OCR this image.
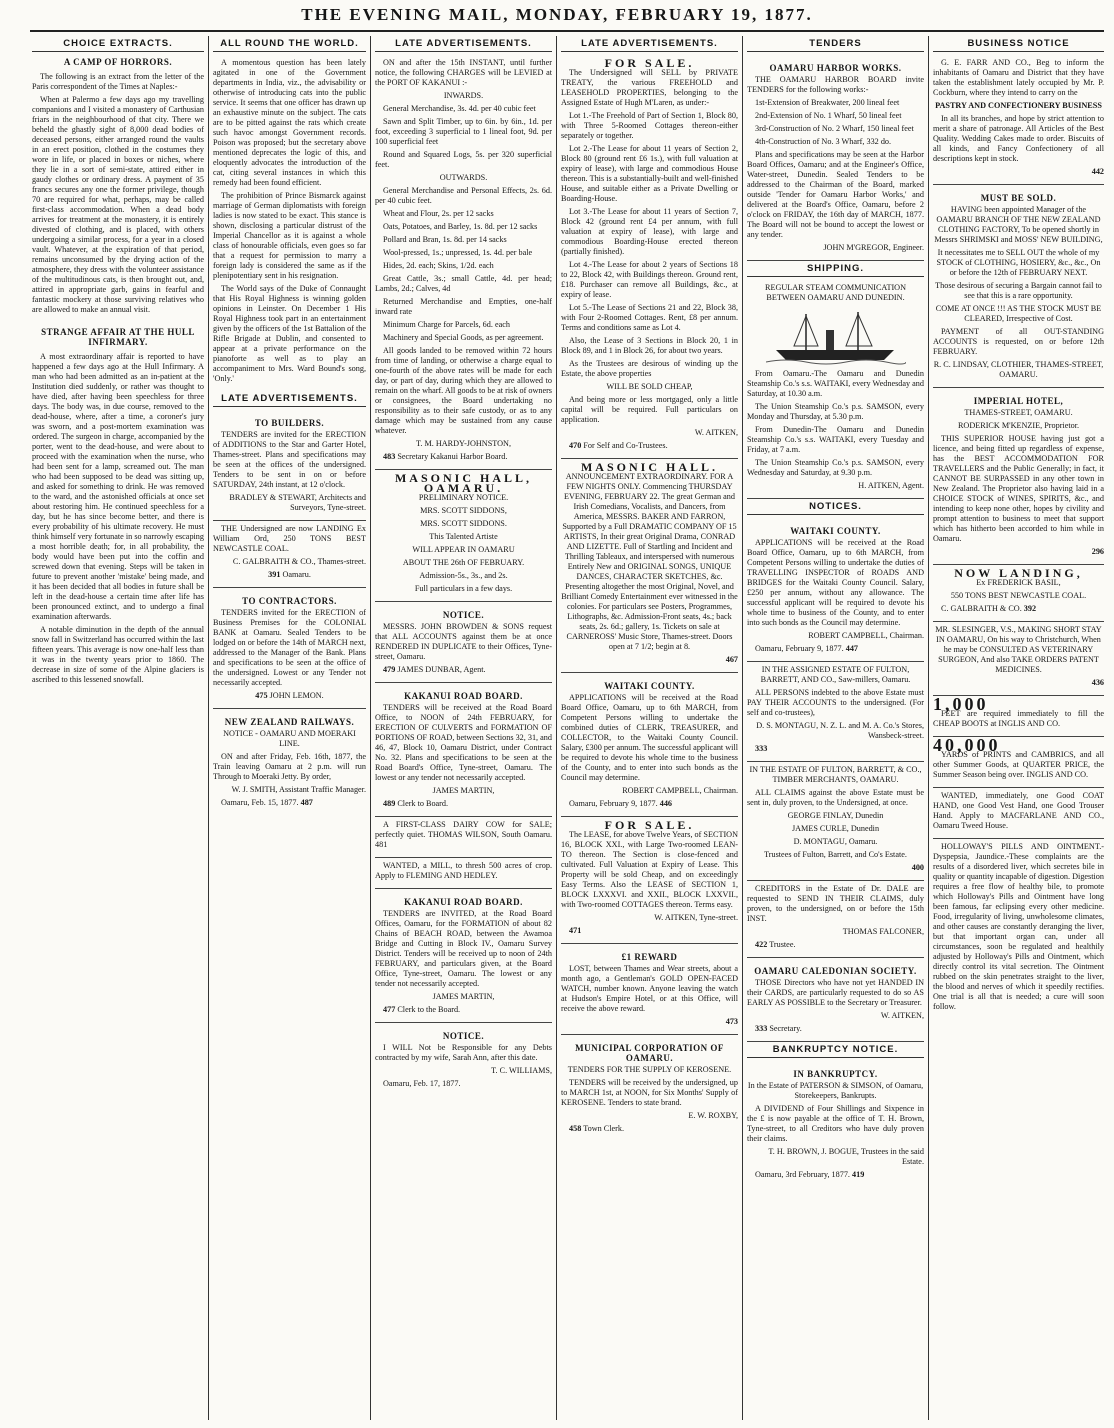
THE EVENING MAIL, MONDAY, FEBRUARY 19, 1877.
CHOICE EXTRACTS.
A CAMP OF HORRORS.

The following is an extract from the letter of the Paris correspondent of the Times at Naples:-

When at Palermo a few days ago my travelling companions and I visited a monastery of Carthusian friars in the neighbourhood of that city. There we beheld the ghastly sight of 8,000 dead bodies of deceased persons, either arranged round the vaults in an erect position, clothed in the costumes they wore in life, or placed in boxes or niches, where they lie in a sort of semi-state, attired either in gaudy clothes or ordinary dress. A payment of 35 francs secures any one the former privilege, though 70 are required for what, perhaps, may be called first-class accommodation. When a dead body arrives for treatment at the monastery, it is entirely divested of clothing, and is placed, with others undergoing a similar process, for a year in a closed vault. Whatever, at the expiration of that period, remains unconsumed by the drying action of the atmosphere, they dress with the volunteer assistance of the multitudinous cats, is then brought out, and, attired in appropriate garb, gains in fearful and fantastic mockery at those surviving relatives who are allowed to make an annual visit.

STRANGE AFFAIR AT THE HULL INFIRMARY.

A most extraordinary affair is reported to have happened a few days ago at the Hull Infirmary. A man who had been admitted as an in-patient at the Institution died suddenly, or rather was thought to have died, after having been speechless for three days. The body was, in due course, removed to the dead-house, where, after a time, a coroner's jury was sworn, and a post-mortem examination was ordered. The surgeon in charge, accompanied by the porter, went to the dead-house, and were about to proceed with the examination when the nurse, who had been sent for a lamp, screamed out. The man who had been supposed to be dead was sitting up, and asked for something to drink. He was removed to the ward, and the astonished officials at once set about restoring him. He continued speechless for a day, but he has since become better, and there is every probability of his ultimate recovery. He must think himself very fortunate in so narrowly escaping a most horrible death; for, in all probability, the body would have been put into the coffin and screwed down that evening. Steps will be taken in future to prevent another 'mistake' being made, and it has been decided that all bodies in future shall be left in the dead-house a certain time after life has been pronounced extinct, and to undergo a final examination afterwards.

A notable diminution in the depth of the annual snow fall in Switzerland has occurred within the last fifteen years. This average is now one-half less than it was in the twenty years prior to 1860. The decrease in size of some of the Alpine glaciers is ascribed to this lessened snowfall.

ALL ROUND THE WORLD.

A momentous question has been lately agitated in one of the Government departments in India, viz., the advisability or otherwise of introducing cats into the public service. It seems that one officer has drawn up an exhaustive minute on the subject. The cats are to be pitted against the rats which create such havoc amongst Government records. Poison was proposed; but the secretary above mentioned deprecates the logic of this, and eloquently advocates the introduction of the cat, citing several instances in which this remedy had been found efficient.

The prohibition of Prince Bismarck against marriage of German diplomatists with foreign ladies is now stated to be exact. This stance is shown, disclosing a particular distrust of the Imperial Chancellor as it is against a whole class of honourable officials, even goes so far that a request for permission to marry a foreign lady is considered the same as if the plenipotentiary sent in his resignation.

The World says of the Duke of Connaught that His Royal Highness is winning golden opinions in Leinster. On December 1 His Royal Highness took part in an entertainment given by the officers of the 1st Battalion of the Rifle Brigade at Dublin, and consented to appear at a private performance on the pianoforte as well as to play an accompaniment to Mrs. Ward Bound's song, 'Only.'

LATE ADVERTISEMENTS.
TO BUILDERS.

TENDERS are invited for the ERECTION of ADDITIONS to the Star and Garter Hotel, Thames-street. Plans and specifications may be seen at the offices of the undersigned. Tenders to be sent in on or before SATURDAY, 24th instant, at 12 o'clock.

BRADLEY & STEWART, Architects and Surveyors, Tyne-street.

THE Undersigned are now LANDING Ex William Ord, 250 TONS BEST NEWCASTLE COAL.

C. GALBRAITH & CO., Thames-street.

391 Oamaru.

TO CONTRACTORS.

TENDERS invited for the ERECTION of Business Premises for the COLONIAL BANK at Oamaru. Sealed Tenders to be lodged on or before the 14th of MARCH next, addressed to the Manager of the Bank. Plans and specifications to be seen at the office of the undersigned. Lowest or any Tender not necessarily accepted.

475 JOHN LEMON.

NEW ZEALAND RAILWAYS.

NOTICE - OAMARU AND MOERAKI LINE.

ON and after Friday, Feb. 16th, 1877, the Train leaving Oamaru at 2 p.m. will run Through to Moeraki Jetty. By order,

W. J. SMITH, Assistant Traffic Manager.

Oamaru, Feb. 15, 1877. 487

LATE ADVERTISEMENTS.

ON and after the 15th INSTANT, until further notice, the following CHARGES will be LEVIED at the PORT OF KAKANUI :-

INWARDS.

General Merchandise, 3s. 4d. per 40 cubic feet

Sawn and Split Timber, up to 6in. by 6in., 1d. per foot, exceeding 3 superficial to 1 lineal foot, 9d. per 100 superficial feet

Round and Squared Logs, 5s. per 320 superficial feet.

OUTWARDS.

General Merchandise and Personal Effects, 2s. 6d. per 40 cubic feet.

Wheat and Flour, 2s. per 12 sacks

Oats, Potatoes, and Barley, 1s. 8d. per 12 sacks

Pollard and Bran, 1s. 8d. per 14 sacks

Wool-pressed, 1s.; unpressed, 1s. 4d. per bale

Hides, 2d. each; Skins, 1/2d. each

Great Cattle, 3s.; small Cattle, 4d. per head; Lambs, 2d.; Calves, 4d

Returned Merchandise and Empties, one-half inward rate

Minimum Charge for Parcels, 6d. each

Machinery and Special Goods, as per agreement.

All goods landed to be removed within 72 hours from time of landing, or otherwise a charge equal to one-fourth of the above rates will be made for each day, or part of day, during which they are allowed to remain on the wharf. All goods to be at risk of owners or consignees, the Board undertaking no responsibility as to their safe custody, or as to any damage which may be sustained from any cause whatever.

T. M. HARDY-JOHNSTON,

483 Secretary Kakanui Harbor Board.

MASONIC HALL, OAMARU.

PRELIMINARY NOTICE.

MRS. SCOTT SIDDONS,

MRS. SCOTT SIDDONS.

This Talented Artiste

WILL APPEAR IN OAMARU

ABOUT THE 26th OF FEBRUARY.

Admission-5s., 3s., and 2s.

Full particulars in a few days.

NOTICE.

MESSRS. JOHN BROWDEN & SONS request that ALL ACCOUNTS against them be at once RENDERED IN DUPLICATE to their Offices, Tyne-street, Oamaru.

479 JAMES DUNBAR, Agent.

KAKANUI ROAD BOARD.

TENDERS will be received at the Road Board Office, to NOON of 24th FEBRUARY, for ERECTION OF CULVERTS and FORMATION OF PORTIONS OF ROAD, between Sections 32, 31, and 46, 47, Block 10, Oamaru District, under Contract No. 32. Plans and specifications to be seen at the Road Board's Office, Tyne-street, Oamaru. The lowest or any tender not necessarily accepted.

JAMES MARTIN,

489 Clerk to Board.

A FIRST-CLASS DAIRY COW for SALE; perfectly quiet. THOMAS WILSON, South Oamaru. 481

WANTED, a MILL, to thresh 500 acres of crop. Apply to FLEMING AND HEDLEY.

KAKANUI ROAD BOARD.

TENDERS are INVITED, at the Road Board Offices, Oamaru, for the FORMATION of about 82 Chains of BEACH ROAD, between the Awamoa Bridge and Cutting in Block IV., Oamaru Survey District. Tenders will be received up to noon of 24th FEBRUARY, and particulars given, at the Board Office, Tyne-street, Oamaru. The lowest or any tender not necessarily accepted.

JAMES MARTIN,

477 Clerk to the Board.

NOTICE.

I WILL Not be Responsible for any Debts contracted by my wife, Sarah Ann, after this date.

T. C. WILLIAMS,

Oamaru, Feb. 17, 1877.

LATE ADVERTISEMENTS.
FOR SALE.

The Undersigned will SELL by PRIVATE TREATY, the various FREEHOLD and LEASEHOLD PROPERTIES, belonging to the Assigned Estate of Hugh M'Laren, as under:-

Lot 1.-The Freehold of Part of Section 1, Block 80, with Three 5-Roomed Cottages thereon-either separately or together.

Lot 2.-The Lease for about 11 years of Section 2, Block 80 (ground rent £6 1s.), with full valuation at expiry of lease), with large and commodious House thereon. This is a substantially-built and well-finished House, and suitable either as a Private Dwelling or Boarding-House.

Lot 3.-The Lease for about 11 years of Section 7, Block 42 (ground rent £4 per annum, with full valuation at expiry of lease), with large and commodious Boarding-House erected thereon (partially finished).

Lot 4.-The Lease for about 2 years of Sections 18 to 22, Block 42, with Buildings thereon. Ground rent, £18. Purchaser can remove all Buildings, &c., at expiry of lease.

Lot 5.-The Lease of Sections 21 and 22, Block 38, with Four 2-Roomed Cottages. Rent, £8 per annum. Terms and conditions same as Lot 4.

Also, the Lease of 3 Sections in Block 20, 1 in Block 89, and 1 in Block 26, for about two years.

As the Trustees are desirous of winding up the Estate, the above properties

WILL BE SOLD CHEAP,

And being more or less mortgaged, only a little capital will be required. Full particulars on application.

W. AITKEN,

470 For Self and Co-Trustees.

MASONIC HALL.

ANNOUNCEMENT EXTRAORDINARY. FOR A FEW NIGHTS ONLY. Commencing THURSDAY EVENING, FEBRUARY 22. The great German and Irish Comedians, Vocalists, and Dancers, from America, MESSRS. BAKER AND FARRON, Supported by a Full DRAMATIC COMPANY OF 15 ARTISTS, In their great Original Drama, CONRAD AND LIZETTE. Full of Startling and Incident and Thrilling Tableaux, and interspersed with numerous Entirely New and ORIGINAL SONGS, UNIQUE DANCES, CHARACTER SKETCHES, &c. Presenting altogether the most Original, Novel, and Brilliant Comedy Entertainment ever witnessed in the colonies. For particulars see Posters, Programmes, Lithographs, &c. Admission-Front seats, 4s.; back seats, 2s. 6d.; gallery, 1s. Tickets on sale at CARNEROSS' Music Store, Thames-street. Doors open at 7 1/2; begin at 8.

467

WAITAKI COUNTY.

APPLICATIONS will be received at the Road Board Office, Oamaru, up to 6th MARCH, from Competent Persons willing to undertake the combined duties of CLERK, TREASURER, and COLLECTOR, to the Waitaki County Council. Salary, £300 per annum. The successful applicant will be required to devote his whole time to the business of the County, and to enter into such bonds as the Council may determine.

ROBERT CAMPBELL, Chairman.

Oamaru, February 9, 1877. 446

FOR SALE.

The LEASE, for above Twelve Years, of SECTION 16, BLOCK XXI., with Large Two-roomed LEAN-TO thereon. The Section is close-fenced and cultivated. Full Valuation at Expiry of Lease. This Property will be sold Cheap, and on exceedingly Easy Terms. Also the LEASE of SECTION 1, BLOCK LXXXVI. and XXII., BLOCK LXXVII., with Two-roomed COTTAGES thereon. Terms easy.

W. AITKEN, Tyne-street.

471

£1 REWARD

LOST, between Thames and Wear streets, about a month ago, a Gentleman's GOLD OPEN-FACED WATCH, number known. Anyone leaving the watch at Hudson's Empire Hotel, or at this Office, will receive the above reward.

473

MUNICIPAL CORPORATION OF OAMARU.

TENDERS FOR THE SUPPLY OF KEROSENE.

TENDERS will be received by the undersigned, up to MARCH 1st, at NOON, for Six Months' Supply of KEROSENE. Tenders to state brand.

E. W. ROXBY,

458 Town Clerk.

TENDERS
OAMARU HARBOR WORKS.

THE OAMARU HARBOR BOARD invite TENDERS for the following works:-

1st-Extension of Breakwater, 200 lineal feet

2nd-Extension of No. 1 Wharf, 50 lineal feet

3rd-Construction of No. 2 Wharf, 150 lineal feet

4th-Construction of No. 3 Wharf, 332 do.

Plans and specifications may be seen at the Harbor Board Offices, Oamaru; and at the Engineer's Office, Water-street, Dunedin. Sealed Tenders to be addressed to the Chairman of the Board, marked outside 'Tender for Oamaru Harbor Works,' and delivered at the Board's Office, Oamaru, before 2 o'clock on FRIDAY, the 16th day of MARCH, 1877. The Board will not be bound to accept the lowest or any tender.

JOHN M'GREGOR, Engineer.

SHIPPING.

REGULAR STEAM COMMUNICATION BETWEEN OAMARU AND DUNEDIN.

From Oamaru.-The Oamaru and Dunedin Steamship Co.'s s.s. WAITAKI, every Wednesday and Saturday, at 10.30 a.m.

The Union Steamship Co.'s p.s. SAMSON, every Monday and Thursday, at 5.30 p.m.

From Dunedin-The Oamaru and Dunedin Steamship Co.'s s.s. WAITAKI, every Tuesday and Friday, at 7 a.m.

The Union Steamship Co.'s p.s. SAMSON, every Wednesday and Saturday, at 9.30 p.m.

H. AITKEN, Agent.

NOTICES.
WAITAKI COUNTY.

APPLICATIONS will be received at the Road Board Office, Oamaru, up to 6th MARCH, from Competent Persons willing to undertake the duties of TRAVELLING INSPECTOR of ROADS AND BRIDGES for the Waitaki County Council. Salary, £250 per annum, without any allowance. The successful applicant will be required to devote his whole time to business of the County, and to enter into such bonds as the Council may determine.

ROBERT CAMPBELL, Chairman.

Oamaru, February 9, 1877. 447

IN THE ASSIGNED ESTATE OF FULTON, BARRETT, AND CO., Saw-millers, Oamaru.

ALL PERSONS indebted to the above Estate must PAY THEIR ACCOUNTS to the undersigned. (For self and co-trustees),

D. S. MONTAGU, N. Z. L. and M. A. Co.'s Stores, Wansbeck-street.

333

IN THE ESTATE OF FULTON, BARRETT, & CO., TIMBER MERCHANTS, OAMARU.

ALL CLAIMS against the above Estate must be sent in, duly proven, to the Undersigned, at once.

GEORGE FINLAY, Dunedin

JAMES CURLE, Dunedin

D. MONTAGU, Oamaru.

Trustees of Fulton, Barrett, and Co's Estate.

400

CREDITORS in the Estate of Dr. DALE are requested to SEND IN THEIR CLAIMS, duly proven, to the undersigned, on or before the 15th INST.

THOMAS FALCONER,

422 Trustee.

OAMARU CALEDONIAN SOCIETY.

THOSE Directors who have not yet HANDED IN their CARDS, are particularly requested to do so AS EARLY AS POSSIBLE to the Secretary or Treasurer.

W. AITKEN,

333 Secretary.

BANKRUPTCY NOTICE.
IN BANKRUPTCY.

In the Estate of PATERSON & SIMSON, of Oamaru, Storekeepers, Bankrupts.

A DIVIDEND of Four Shillings and Sixpence in the £ is now payable at the office of T. H. Brown, Tyne-street, to all Creditors who have duly proven their claims.

T. H. BROWN, J. BOGUE, Trustees in the said Estate.

Oamaru, 3rd February, 1877. 419

BUSINESS NOTICE

G. E. FARR AND CO., Beg to inform the inhabitants of Oamaru and District that they have taken the establishment lately occupied by Mr. P. Cockburn, where they intend to carry on the

PASTRY AND CONFECTIONERY BUSINESS

In all its branches, and hope by strict attention to merit a share of patronage. All Articles of the Best Quality. Wedding Cakes made to order. Biscuits of all kinds, and Fancy Confectionery of all descriptions kept in stock.

442

MUST BE SOLD.

HAVING been appointed Manager of the OAMARU BRANCH OF THE NEW ZEALAND CLOTHING FACTORY, To be opened shortly in Messrs SHRIMSKI and MOSS' NEW BUILDING,

It necessitates me to SELL OUT the whole of my STOCK of CLOTHING, HOSIERY, &c., &c., On or before the 12th of FEBRUARY NEXT.

Those desirous of securing a Bargain cannot fail to see that this is a rare opportunity.

COME AT ONCE !!! AS THE STOCK MUST BE CLEARED, Irrespective of Cost.

PAYMENT of all OUT-STANDING ACCOUNTS is requested, on or before 12th FEBRUARY.

R. C. LINDSAY, CLOTHIER, THAMES-STREET, OAMARU.

IMPERIAL HOTEL,

THAMES-STREET, OAMARU.

RODERICK M'KENZIE, Proprietor.

THIS SUPERIOR HOUSE having just got a licence, and being fitted up regardless of expense, has the BEST ACCOMMODATION FOR TRAVELLERS and the Public Generally; in fact, it CANNOT BE SURPASSED in any other town in New Zealand. The Proprietor also having laid in a CHOICE STOCK of WINES, SPIRITS, &c., and intending to keep none other, hopes by civility and prompt attention to business to meet that support which has hitherto been accorded to him while in Oamaru.

296

NOW LANDING,

Ex FREDERICK BASIL,

550 TONS BEST NEWCASTLE COAL.

C. GALBRAITH & CO. 392

MR. SLESINGER, V.S., MAKING SHORT STAY IN OAMARU, On his way to Christchurch, When he may be CONSULTED AS VETERINARY SURGEON, And also TAKE ORDERS PATENT MEDICINES.

436

1,000

FEET are required immediately to fill the CHEAP BOOTS at INGLIS AND CO.

40,000

YARDS of PRINTS and CAMBRICS, and all other Summer Goods, at QUARTER PRICE, the Summer Season being over. INGLIS AND CO.

WANTED, immediately, one Good COAT HAND, one Good Vest Hand, one Good Trouser Hand. Apply to MACFARLANE AND CO., Oamaru Tweed House.

HOLLOWAY'S PILLS AND OINTMENT.-Dyspepsia, Jaundice.-These complaints are the results of a disordered liver, which secretes bile in quality or quantity incapable of digestion. Digestion requires a free flow of healthy bile, to promote which Holloway's Pills and Ointment have long been famous, far eclipsing every other medicine. Food, irregularity of living, unwholesome climates, and other causes are constantly deranging the liver, but that important organ can, under all circumstances, soon be regulated and healthily adjusted by Holloway's Pills and Ointment, which directly control its vital secretion. The Ointment rubbed on the skin penetrates straight to the liver, the blood and nerves of which it speedily rectifies. One trial is all that is needed; a cure will soon follow.
